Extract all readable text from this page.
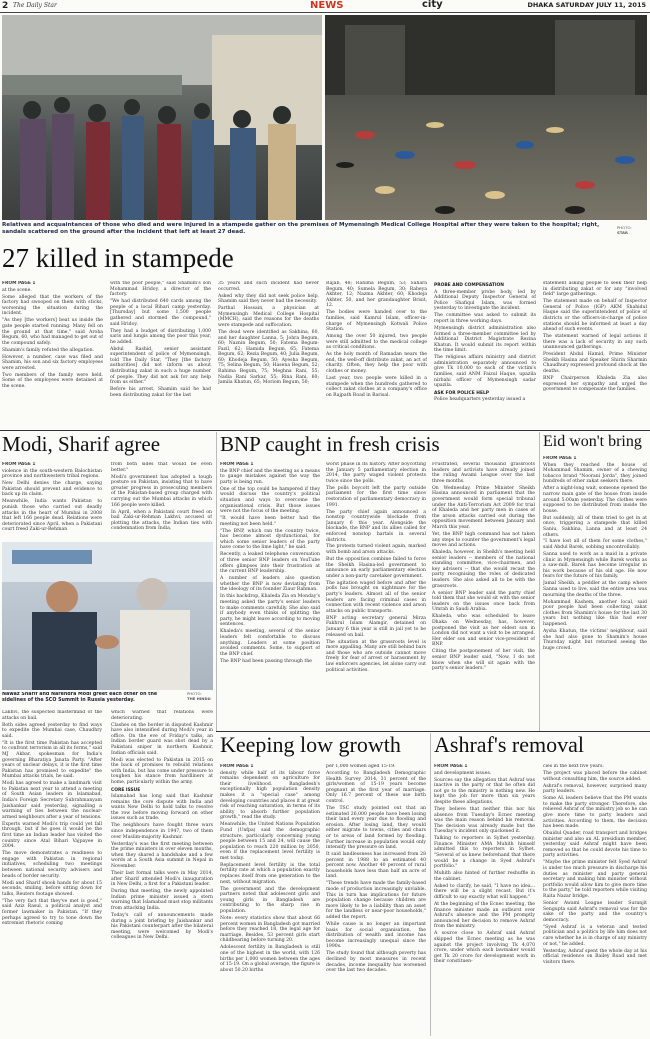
2 The Daily Star	NEWS	city	DHAKA SATURDAY JULY 11, 2015
Relatives and acquaintances of those who died and were injured in a stampede gather on the premises of Mymensingh Medical College Hospital after they were taken to the hospital; right, sandals scattered on the ground after the incident that left at least 27 dead.
PHOTO:
STAR
27 killed in stampede
FROM PAGE 1

at the scene.

Some alleged that the workers of the factory had swooped on them with sticks, worsening the situation during the incident.

"As they [the workers] beat us inside the gate people started running. Many fell on the ground at that time," said Aroba Begum, 60, who had managed to get out of the compound safely.

Shamim's family refuted the allegation.

However, a number, case was filed and Shamim, his son and six factory employees were arrested.

Two members of the family were held. Some of the employees were detained at the scene.

with the poor people," said Shamim's son Mohammad Hridoy, a director of the factory.

"We had distributed 640 cards among the people of a local Bihari camp yesterday. [Thursday] but some 1,500 people gathered and stormed the compound," said Hridoy.

They had a budget of distributing 1,000 saris and lungis among the poor this year, he added.

Abdul Rashid, senior assistant superintendent of police of Mymensingh, told The Daily Star, "They [the factory authorities] did not inform us about distributing zakat in such a huge number of people. They did not ask for any help from us either."

Before his arrest, Shamim said he had been distributing zakat for the last

35 years and such incident had never occurred.

Asked why they did not seek police help, Shamim said they never had the necessity.

Parthal Hossain, a physician at Mymensingh Medical College Hospital (MMCH), said the reasons for the deaths were stampede and suffocation.

The dead were identified as Sakhina, 60, and her daughter Lanna, 5; Johra Begum, 60; Naznin Begum, 50; Fatema Begum-Fazil, 62; Hamida Begum, 65; Fatema Begum, 62; Rezia Begum, 40; Julia Begum, 60; Khodeja Begum, 50; Ayesha Begum, 75; Selina Begum, 50; Hasena Begum, 52; Rahima Begum, 75; Meghna Rani, 55; Nadia Rani Sarkar, 55; Rina Rani, 60; Jamila Khatun, 65; Moriom Begum, 50;

Rajab, 48; Rahima Begum, 53; Sahara Begum, 40; Sumela Begum, 30; Rabeya Akhter, 12; Nazma Akhter, 60; Khodeja Akhter, 50, and her grandaughter Brisit, 12.

The bodies were handed over to the families, said Kamrul Islam, officer-in-charge of Mymensingh Kotwali Police Station.

Among the over 50 injured, two people were still admitted to the medical college as critical conditions.

As the holy month of Ramadan nears the end, the well-off distribute zakat, an act of charity. Often, they help the poor with clothes or money.

Last year, two people were killed in a stampede when the hundreds gathered to collect zakat clothes at a company's office on Rajpath Road in Barisal.

PROBE AND COMPENSATION

A three-member probe body, led by Additional Deputy Inspector General of Police Shafiqul Islam, was formed yesterday to investigate the incident.

The committee was asked to submit its report in three working days.

Mymensingh district administration also formed a three-member committee led by Additional District Magistrate Rezina Khatun. It would submit its report within the time limit.

The religious affairs ministry and district administration separately announced to give Tk 10,000 to each of the victim's families, said ANM Faizul Haque, upazila nirbahi officer of Mymensingh sadar upazila.

ASK FOR POLICE HELP

Police headquarters yesterday issued a

statement asking people to seek their help in distributing zakat or for any "involved field" large gatherings.

The statement made on behalf of Inspector General of Police (IGP) AKM Shahidul Haque said the superintendent of police of districts or the officers-in-charge of police stations should be informed at least a day ahead of such events.

The statement warned of legal actions if there was a lack of security in any such unannounced gatherings.

President Abdul Hamid, Prime Minister Sheikh Hasina and Speaker Shirin Sharmin Chaudhury expressed profound shock at the deaths.

BNP Chairperson Khaleda Zia also expressed her sympathy and urged the government to compensate the families.

Modi, Sharif agree
FROM PAGE 1

violence in the south-western Balochistan province and northwestern tribal regions.

New Delhi denies the charge, saying Pakistan should prevent and evidence to back up its claim.

Meanwhile, India wants Pakistan to punish those who carried out deadly attacks in the heart of Mumbai in 2008 that left 166 people dead. Relations were deteriorated since April, when a Pakistani court freed Zaki-ur-Rehman

from both sides that would be even better."

Modi's government has adopted a tough posture on Pakistan, insisting that to have greater progress in prosecuting members of the Pakistan-based group charged with carrying out the Mumbai attacks in which 166 people were killed.

In April, when a Pakistani court freed on bail Zaki-ur-Rehman Lakhvi, accused of plotting the attacks, the Indian ties with condemnation from India,

Nawaz Sharif and Narendra Modi greet each other on the sidelines of the SCO Summit in Russia yesterday.
PHOTO:
THE HINDU

Lakhvi, the suspected mastermind of the attacks on bail.

Both sides agreed yesterday to find ways to expedite the Mumbai case, Chaudhry said.

"It is the first time Pakistan has accepted to confront terrorism in all its forms," said MJ Akbar, spokesman for India's governing Bharatiya Janata Party. "After years of unclear delays, it is the first time Pakistan has promised to expedite" the Mumbai attacks trials, he said.

Modi has agreed to make a landmark visit to Pakistan next year to attend a meeting of South Asian leaders in Islamabad, India's Foreign Secretary Subrahmanyam Jaishankar said yesterday, signalling a warming of ties between the nuclear-armed neighbours after a year of tensions.

Experts warned Modi's trip could yet fall through, but if he goes it would be the first time an Indian leader has visited the country since Atal Bihari Vajpayee in 2004.

The move demonstrates a readiness to engage with Pakistan in regional initiatives, scheduling two meetings between national security advisers and heads of border security.

Modi and Sharif shook hands for about 15 seconds, smiling, before sitting down for talks, Reuters footage showed.

"The very fact that they've met is good," said Aziz Rasul, a political analyst and former lawmaker in Pakistan. "If they perhaps agreed to try to tone down the extremist rhetoric coming

which warned that relations were deteriorating.

Clashes on the border in disputed Kashmir have also intensified during Modi's year in office. On the eve of Friday's talks, an Indian border guard was shot dead by a Pakistani sniper in northern Kashmir, Indian officials said.

Modi was elected to Pakistan in 2015 on the back of promises to rebuild relations with India, but has come under pressure to toughen his stance from hardliners at home, particularly within the army.

CORE ISSUE

Islamabad has long said that Kashmir remains the core dispute with India and wants New Delhi to hold talks to resolve the row before moving forward on other issues such as trade.

The neighbours have fought three wars since independence in 1947, two of them over Muslim-majority Kashmir.

Yesterday's was the first meeting between the prime ministers in over eleven months, when they shared a handshake and a few words at a South Asia summit in Nepal in November.

Their last formal talks were in May 2014, after Sharif attended Modi's inauguration in New Delhi, a first for a Pakistani leader.

During that meeting, the newly appointed Indian prime minister issued a stern warning that Islamabad must stop militants from attacking India.

Today's call of announcements made during a joint briefing by Jaishankar and his Pakistani counterpart after the bilateral meeting, were welcomed by Modi's colleagues in New Delhi.

BNP caught in fresh crisis
FROM PAGE 1

the BNP chief and the meeting as a means to gauge mistakes against the way the party is being run.

One of the top could be hampered if they would discuss the country's political situation and ways to overcome the organisational crisis. But those issues were not the focus of the meeting.

"It would have been better had the meeting not been held."

"The BNP, which ran the country twice, has become almost dysfunctional, for which some senior leaders of the party have come to the lime light," he said.

Recently, a leaked telephone conversation of three senior BNP leaders on YouTube offers glimpses into their frustration at the current BNP leadership.

A number of leaders also question whether the BNP is now deviating from the ideology of its founder Ziaur Rahman.

In this backdrop, Khaleda Zia on Monday's meeting asked the party's senior leaders to make comments carefully. She also said if anybody even thinks of splitting the party, he might leave according to moving sentences.

Khaleda's meeting, several of the senior leaders felt comfortable to discuss anything. Leaders at some position avoided comments. Some, to support of the BNP chief.

The BNP had been passing through the

worst phase in its history. After boycotting the January 5 parliamentary election in 2014, the party waged violent protests twice since the polls.

The polls boycott left the party outside parliament for the first time since restoration of parliamentary democracy in 1991.

The party chief again announced a nonstop countrywide blockade from January 6 this year. Alongside the blockade, the BNP and its allies called for enforced nonstop hartals in several districts.

The protests turned violent again, marked with bomb and arson attacks.

But the opposition combine failed to force the Sheikh Hasina-led government to announce an early parliamentary election under a non-party caretaker government.

The agitation waged before and after the polls has brought on nightmare for the party's leaders. Almost all of the senior leaders are facing criminal cases in connection with recent violence and arson attacks on public transports.

BNP acting secretary general Mirza Fakhrul Islam Alamgir, detained on January 6 this year is still in jail yet to be released on bail.

The situation at the grassroots level is more appalling. Many are still behind bars and those who are outside cannot move freely for fear of arrest or harassment by law enforcers agencies, let alone carry out political activities.

Frustrated, several thousand grassroots leaders and activists have already joined the ruling Awami League over the last three months.

On Wednesday, Prime Minister Sheikh Hasina announced in parliament that the government would form special tribunal under the Anti-Terrorism Act 2009 for trial of Khaleda and her party men in cases of the arson attacks carried out during the opposition movement between January and March this year.

Yet, the BNP high command has not taken any steps to counter the government's legal moves and actions.

Khaleda, however, in Sheikh's meeting held senior leaders -- members of the national standing committee, vice-chairmen, and key advisers -- that she would recast the party recognising the roles of dedicated leaders. She also asked all to be with the grassroots.

A senior BNP leader said the party chief told them that she would sit with the senior leaders on the issues once back from Umrah in Saudi Arabia.

Khaleda, who was scheduled to leave Dhaka on Wednesday, has, however, postponed the visit as her eldest son in London did not want a visit to be arranged. Her elder son and senior vice-president of BNP.

Citing the postponement of her visit, the senior BNP leader said, "Now, I do not know when she will sit again with the party's senior leaders."

Eid won't bring
FROM PAGE 1

When they reached the house of Mohammad Shamim, owner of a chewing tobacco brand "Noorani Jorda", they joined hundreds of other zakat seekers there.

After a night-long wait, someone opened the narrow main gate of the house from inside around 5:00am yesterday. The clothes were supposed to be distributed from inside the house.

But suddenly, all of them tried to get in at once, triggering a stampede that killed Saniu, Sakhina, Lanna and at least 24 others.

"I have lost all of them for some clothes," said Abdul Barek, sobbing uncontrollably.

Sanna used to work as a maid in a private clinic in Mymensingh while Barek works as a saw-mill. Barek has become irregular in his work because of his old age. He now fears for the future of his family.

Jamal Sheikh, a peddler at the camp where Sanna used to live, said the entire area was mourning the deaths of the three.

Mohammad Kashem, another local, said poor people had been collecting zakat clothes from Shamim's house for the last 30 years but nothing like this had ever happened.

Aysha Khatun, the victims' neighbour, said she had also gone to Shamim's house Thursday night but returned seeing the huge crowd.

Keeping low growth
FROM PAGE 1

density while half of its labour force remains dependent on agriculture for their livelihood. Bangladesh's exceptionally high population density makes it a "special case" among developing countries and places it at great risk of reaching saturation, in terms of its ability to absorb further population growth," read the study.

Meanwhile, the United Nations Population Fund (Unfpa) said the demographic structure, particularly concerning young people between 15 and 24, will cause the population to reach 220 million by 2050, even if the replacement level fertility is met today.

Replacement level fertility is the total fertility rate at which a population exactly replaces itself from one generation to the next, without migration.

The government and the development partners noted that adolescent girls and young girls in Bangladesh are contributing to the sharp rise in population.

Note: every statistics show that about 66 percent women in Bangladesh got married before they reached 18, the legal age for marriage. Besides, 53 percent girls start childbearing before turning 20.

Adolescent fertility in Bangladesh is still one of the highest in the world, with 126 births per 1,000 women between the ages of 15-19. On a global average, the figure is about 50.20 births

per 1,000 women aged 15-19.

According to Bangladesh Demographic Health Survey 2014, 31 percent of the girls/women of 15-19 years become pregnant at the first year of marriage. Only 16.7 percent of these use birth control.

The TSC study pointed out that an estimated 26,000 people have been losing their land every year due to flooding and erosion. After losing land, they would either migrate to towns, cities and chars or to areas of land formed by flooding. Further increase in population would only intensify the pressure on land.

It said landlessness has increased from 28 percent in 1988 to an estimated 40 percent now. Another 40 percent of rural households have less than half an acre of land.

"These trends have made the family-based mode of production increasingly unviable. This in turn has implications for future population change because children are more likely to be a liability than an asset for the landless or near-poor households," added the report.

While cause is no longer an important basis for social organisation, the distribution of wealth and income has become increasingly unequal since the 1990s.

The study found that although poverty has declined by most measures in recent decades, income inequality has worsened over the last two decades.

Ashraf's removal
FROM PAGE 1

and development issues.

Sources say the allegation that Ashraf was inactive in the party or that he often did not go to the ministry is nothing new. He kept the job for more than six years despite these allegations.

They believe that neither this nor his absence from Tuesday's Ecnec meeting was the main reason behind his removal. The decision was already made but the Tuesday's incident only quickened it.

Talking to reporters in Sylhet yesterday, Finance Minister AMA Muhith himself admitted this to reporters in Sylhet. "Several of us knew beforehand that there would be a change in Syed Ashraf's portfolio."

Muhith also hinted of further reshuffle in the cabinet.

Asked to clarify, he said, "I have no idea... there will be a slight recast. But it's difficult to say exactly what will happen."

At the beginning of the Ecnec meeting, the finance minister made an outburst over Ashraf's absence and the PM promptly announced her decision to remove Ashraf from the ministry.

A source close to Ashraf said Ashraf skipped the Ecnec meeting as he was against the project involving Tk 4,070 crore, under which each lawmaker would get Tk 20 crore for development work in their constituen-

cies in the next five years.

The project was placed before the cabinet without consulting him, the source added.

Ashraf's removal, however, surprised many party leaders.

Some AL leaders believe that the PM wants to make the party stronger. Therefore, she relieved Ashraf of the ministry job so he can give more time to party leaders and activities. According to them, the decision has been made.

Obaidul Quader, road transport and bridges minister and also an AL presidium member, yesterday said Ashraf might have been removed so that he could devote his time to party activities.

"Maybe the prime minister felt Syed Ashraf is under too much pressure in discharge his duties as minister and party general secretary and making him minister without portfolio would allow him to give more time to the party," he told reporters while visiting Raita Nazar bridge.

Senior Awami League leader Suranjit Sengupta said Ashraf's removal was for the sake of the party and the country's democracy.

"Syed Ashraf is a veteran and tested politician and a politics by life him does not care whether he is in charge of any ministry or not," he added.

Yesterday, Ashraf spent the whole day at his official residence on Bailey Road and met visitors there.
